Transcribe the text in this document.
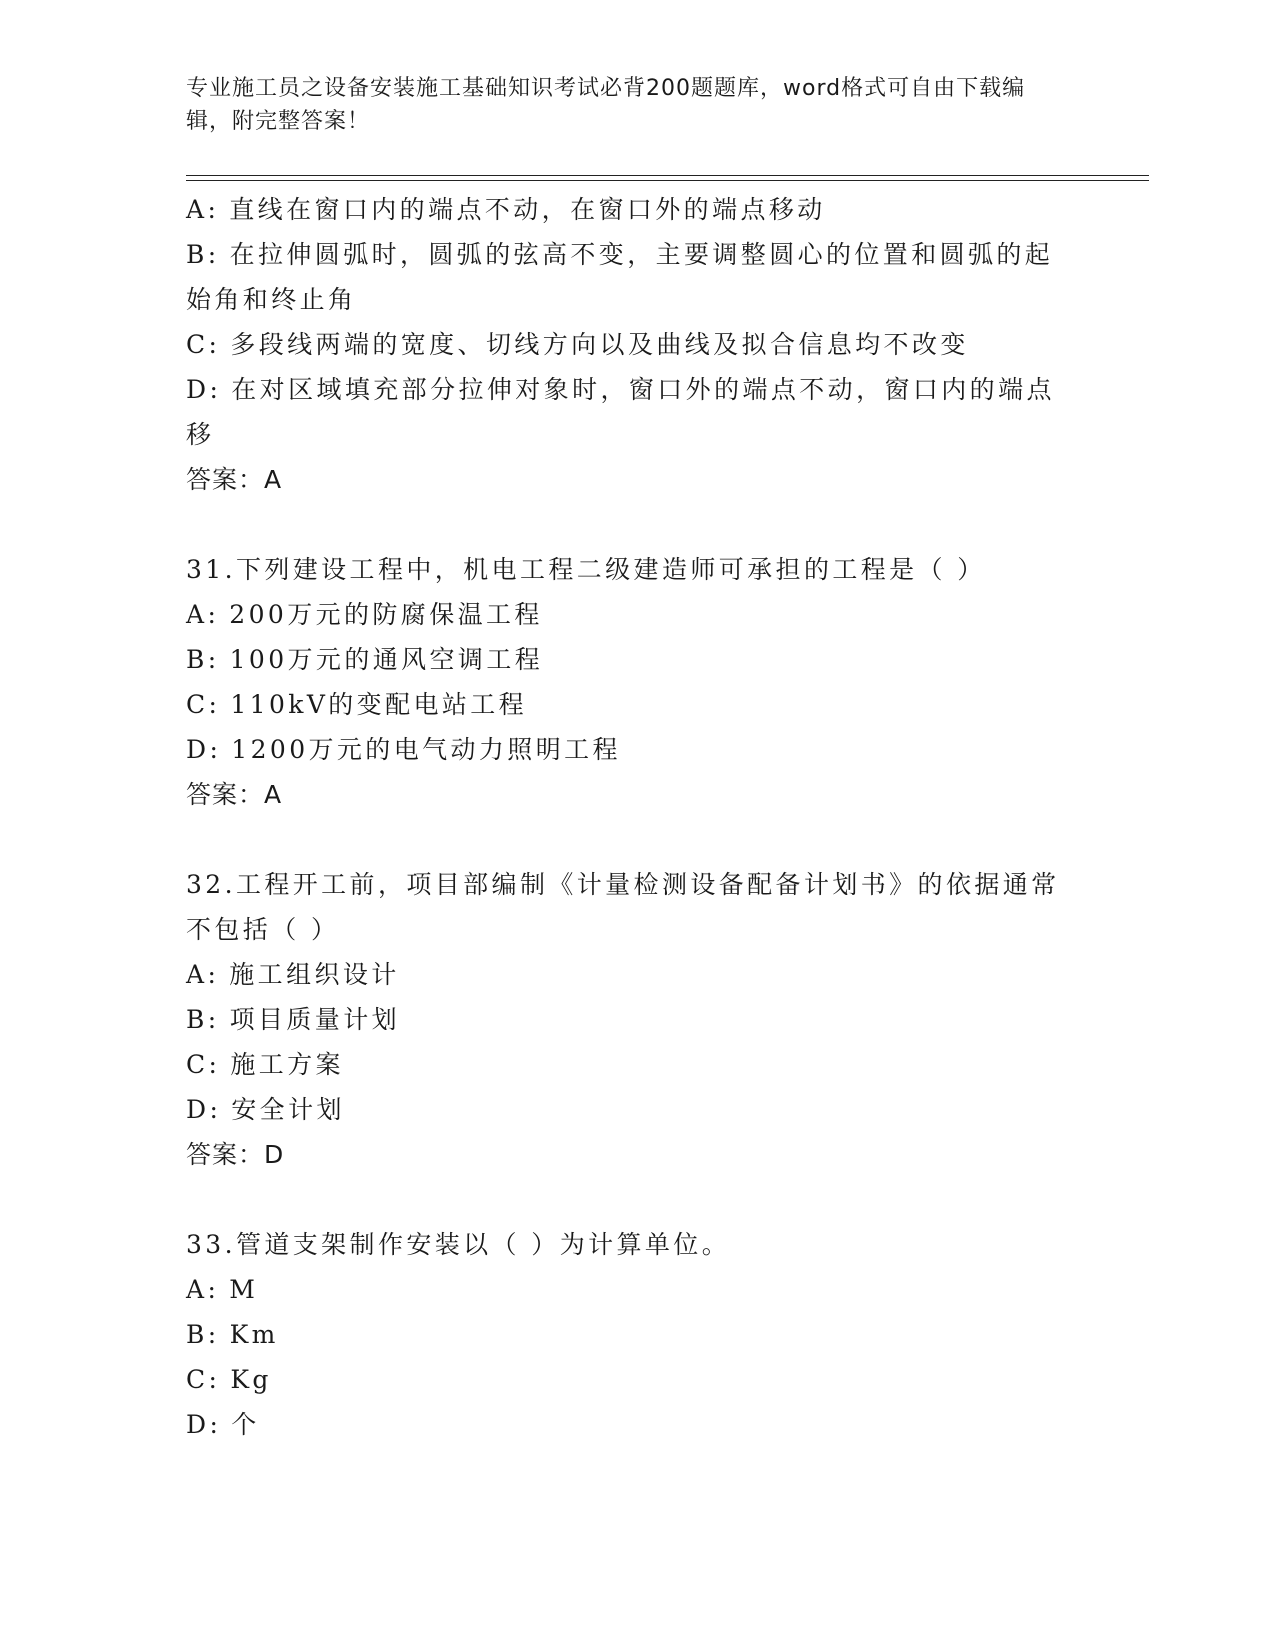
专业施工员之设备安装施工基础知识考试必背200题题库，word格式可自由下载编辑，附完整答案！

A: 直线在窗口内的端点不动，在窗口外的端点移动

B: 在拉伸圆弧时，圆弧的弦高不变，主要调整圆心的位置和圆弧的起始角和终止角

C: 多段线两端的宽度、切线方向以及曲线及拟合信息均不改变

D: 在对区域填充部分拉伸对象时，窗口外的端点不动，窗口内的端点移

答案：A

31.下列建设工程中，机电工程二级建造师可承担的工程是（ ）

A: 200万元的防腐保温工程

B: 100万元的通风空调工程

C: 110kV的变配电站工程

D: 1200万元的电气动力照明工程

答案：A

32.工程开工前，项目部编制《计量检测设备配备计划书》的依据通常不包括（ ）

A: 施工组织设计

B: 项目质量计划

C: 施工方案

D: 安全计划

答案：D

33.管道支架制作安装以（ ）为计算单位。

A: M

B: Km

C: Kg

D: 个
